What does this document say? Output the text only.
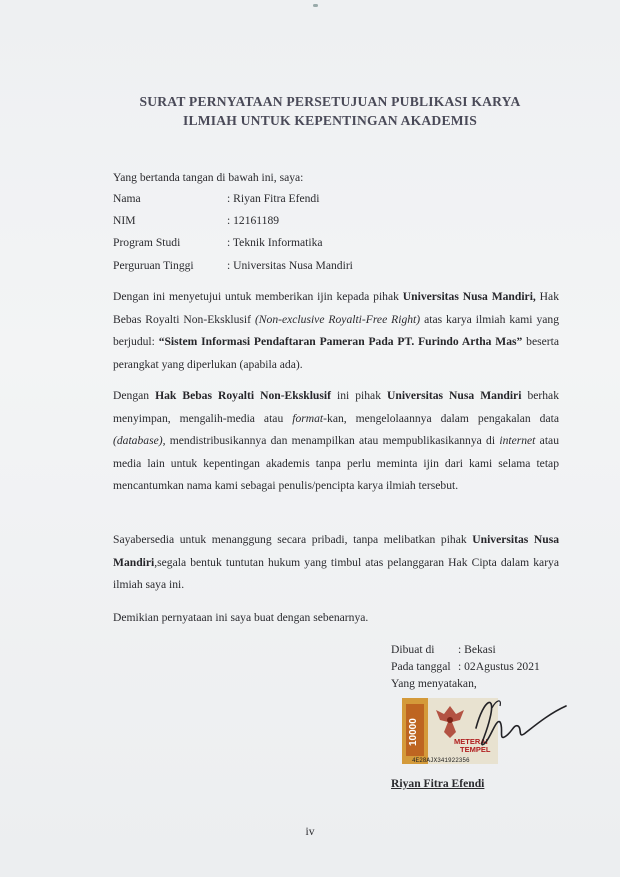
SURAT PERNYATAAN PERSETUJUAN PUBLIKASI KARYA
ILMIAH UNTUK KEPENTINGAN AKADEMIS
Yang bertanda tangan di bawah ini, saya:
Nama	: Riyan Fitra Efendi
NIM	: 12161189
Program Studi	: Teknik Informatika
Perguruan Tinggi	: Universitas Nusa Mandiri
Dengan ini menyetujui untuk memberikan ijin kepada pihak Universitas Nusa Mandiri, Hak Bebas Royalti Non-Eksklusif (Non-exclusive Royalti-Free Right) atas karya ilmiah kami yang berjudul: “Sistem Informasi Pendaftaran Pameran Pada PT. Furindo Artha Mas” beserta perangkat yang diperlukan (apabila ada).
Dengan Hak Bebas Royalti Non-Eksklusif ini pihak Universitas Nusa Mandiri berhak menyimpan, mengalih-media atau format-kan, mengelolaannya dalam pengakalan data (database), mendistribusikannya dan menampilkan atau mempublikasikannya di internet atau media lain untuk kepentingan akademis tanpa perlu meminta ijin dari kami selama tetap mencantumkan nama kami sebagai penulis/pencipta karya ilmiah tersebut.
Sayabersedia untuk menanggung secara pribadi, tanpa melibatkan pihak Universitas Nusa Mandiri,segala bentuk tuntutan hukum yang timbul atas pelanggaran Hak Cipta dalam karya ilmiah saya ini.
Demikian pernyataan ini saya buat dengan sebenarnya.
Dibuat di : Bekasi
Pada tanggal : 02Agustus 2021
Yang menyatakan,
10000	METERAI
TEMPEL
4E28AJX341922356
Riyan Fitra Efendi
iv
